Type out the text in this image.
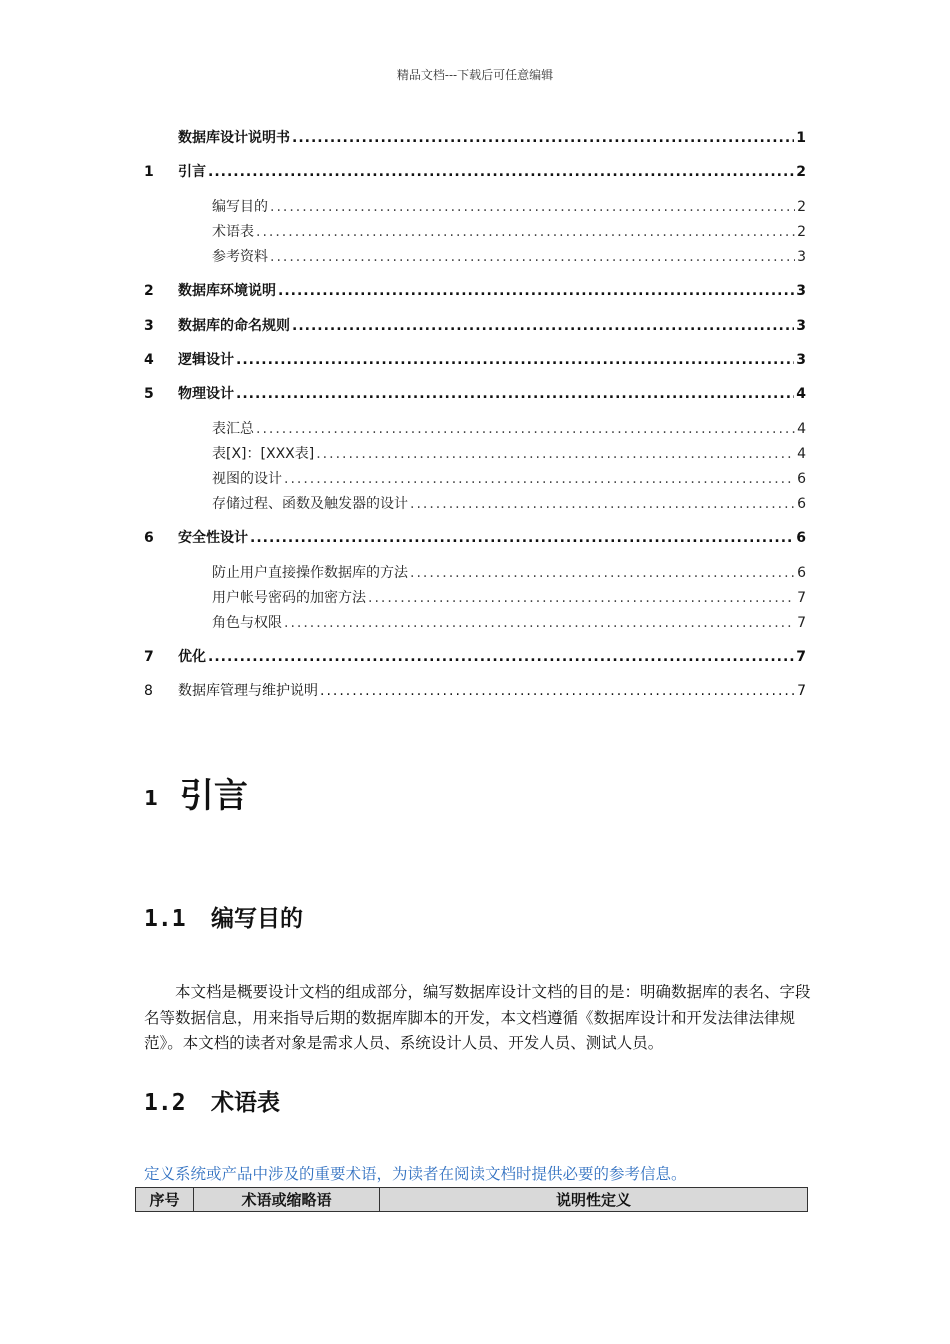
精品文档---下载后可任意编辑
数据库设计说明书 .....	1
1	引言 .....	2
编写目的 .....	2
术语表 .....	2
参考资料 .....	3
2	数据库环境说明 .....	3
3	数据库的命名规则 .....	3
4	逻辑设计 .....	3
5	物理设计 .....	4
表汇总 .....	4
表[X]：[XXX表] .....	4
视图的设计 .....	6
存储过程、函数及触发器的设计 .....	6
6	安全性设计 .....	6
防止用户直接操作数据库的方法 .....	6
用户帐号密码的加密方法 .....	7
角色与权限 .....	7
7	优化 .....	7
8	数据库管理与维护说明 .....	7
1 引言
1.1 编写目的
本文档是概要设计文档的组成部分，编写数据库设计文档的目的是：明确数据库的表名、字段名等数据信息，用来指导后期的数据库脚本的开发，本文档遵循《数据库设计和开发法律法律规范》。本文档的读者对象是需求人员、系统设计人员、开发人员、测试人员。
1.2 术语表
定义系统或产品中涉及的重要术语，为读者在阅读文档时提供必要的参考信息。
序号	术语或缩略语	说明性定义
